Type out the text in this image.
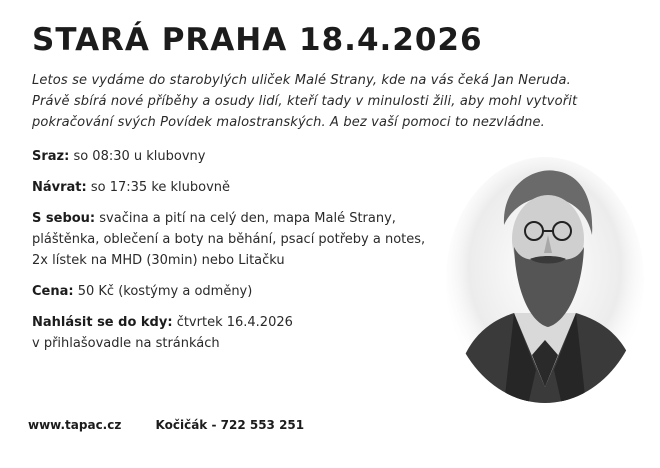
STARÁ PRAHA 18.4.2026
Letos se vydáme do starobylých uliček Malé Strany, kde na vás čeká Jan Neruda.
Právě sbírá nové příběhy a osudy lidí, kteří tady v minulosti žili, aby mohl vytvořit
pokračování svých Povídek malostranských. A bez vaší pomoci to nezvládne.
Sraz: so 08:30 u klubovny
Návrat: so 17:35 ke klubovně
S sebou: svačina a pití na celý den, mapa Malé Strany,
pláštěnka, oblečení a boty na běhání, psací potřeby a notes,
2x lístek na MHD (30min) nebo Litačku
Cena: 50 Kč (kostýmy a odměny)
Nahlásit se do kdy: čtvrtek 16.4.2026
v přihlašovadle na stránkách
www.tapac.cz	Kočičák - 722 553 251
